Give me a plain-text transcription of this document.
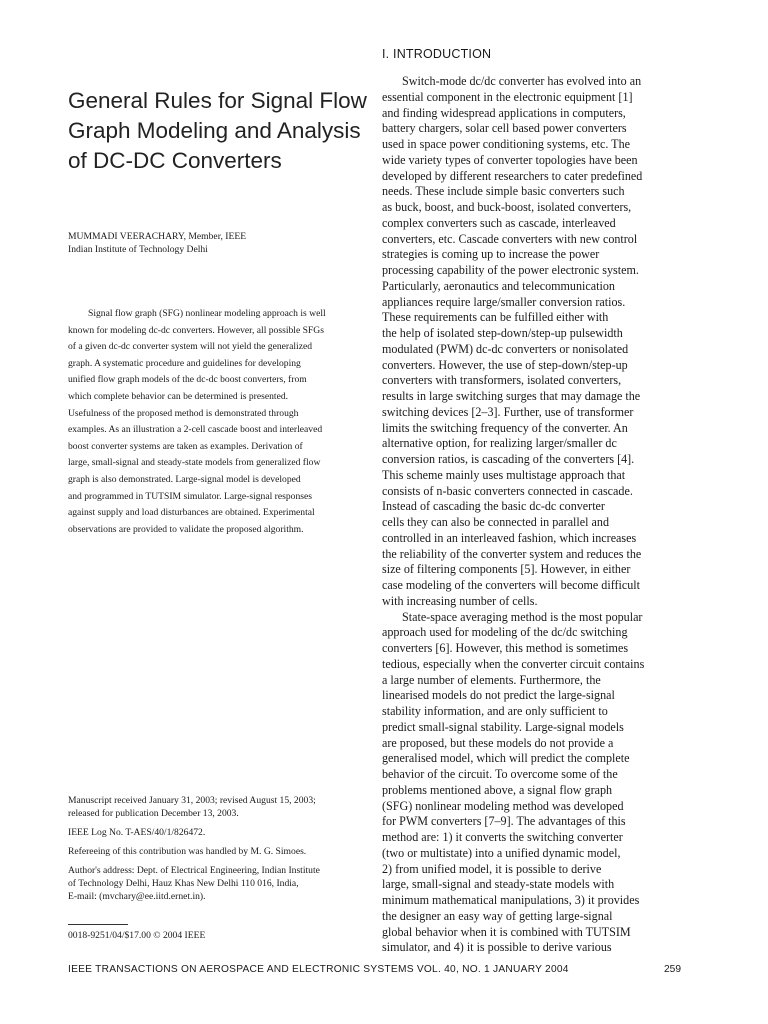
I. INTRODUCTION
General Rules for Signal Flow
Graph Modeling and Analysis
of DC-DC Converters
MUMMADI VEERACHARY, Member, IEEE
Indian Institute of Technology Delhi
Signal flow graph (SFG) nonlinear modeling approach is well
known for modeling dc-dc converters. However, all possible SFGs
of a given dc-dc converter system will not yield the generalized
graph. A systematic procedure and guidelines for developing
unified flow graph models of the dc-dc boost converters, from
which complete behavior can be determined is presented.
Usefulness of the proposed method is demonstrated through
examples. As an illustration a 2-cell cascade boost and interleaved
boost converter systems are taken as examples. Derivation of
large, small-signal and steady-state models from generalized flow
graph is also demonstrated. Large-signal model is developed
and programmed in TUTSIM simulator. Large-signal responses
against supply and load disturbances are obtained. Experimental
observations are provided to validate the proposed algorithm.
Manuscript received January 31, 2003; revised August 15, 2003;
released for publication December 13, 2003.
IEEE Log No. T-AES/40/1/826472.
Refereeing of this contribution was handled by M. G. Simoes.
Author's address: Dept. of Electrical Engineering, Indian Institute
of Technology Delhi, Hauz Khas New Delhi 110 016, India,
E-mail: (mvchary@ee.iitd.ernet.in).
0018-9251/04/$17.00 © 2004 IEEE
Switch-mode dc/dc converter has evolved into an
essential component in the electronic equipment [1]
and finding widespread applications in computers,
battery chargers, solar cell based power converters
used in space power conditioning systems, etc. The
wide variety types of converter topologies have been
developed by different researchers to cater predefined
needs. These include simple basic converters such
as buck, boost, and buck-boost, isolated converters,
complex converters such as cascade, interleaved
converters, etc. Cascade converters with new control
strategies is coming up to increase the power
processing capability of the power electronic system.
Particularly, aeronautics and telecommunication
appliances require large/smaller conversion ratios.
These requirements can be fulfilled either with
the help of isolated step-down/step-up pulsewidth
modulated (PWM) dc-dc converters or nonisolated
converters. However, the use of step-down/step-up
converters with transformers, isolated converters,
results in large switching surges that may damage the
switching devices [2–3]. Further, use of transformer
limits the switching frequency of the converter. An
alternative option, for realizing larger/smaller dc
conversion ratios, is cascading of the converters [4].
This scheme mainly uses multistage approach that
consists of n-basic converters connected in cascade.
Instead of cascading the basic dc-dc converter
cells they can also be connected in parallel and
controlled in an interleaved fashion, which increases
the reliability of the converter system and reduces the
size of filtering components [5]. However, in either
case modeling of the converters will become difficult
with increasing number of cells.
State-space averaging method is the most popular
approach used for modeling of the dc/dc switching
converters [6]. However, this method is sometimes
tedious, especially when the converter circuit contains
a large number of elements. Furthermore, the
linearised models do not predict the large-signal
stability information, and are only sufficient to
predict small-signal stability. Large-signal models
are proposed, but these models do not provide a
generalised model, which will predict the complete
behavior of the circuit. To overcome some of the
problems mentioned above, a signal flow graph
(SFG) nonlinear modeling method was developed
for PWM converters [7–9]. The advantages of this
method are: 1) it converts the switching converter
(two or multistate) into a unified dynamic model,
2) from unified model, it is possible to derive
large, small-signal and steady-state models with
minimum mathematical manipulations, 3) it provides
the designer an easy way of getting large-signal
global behavior when it is combined with TUTSIM
simulator, and 4) it is possible to derive various
IEEE TRANSACTIONS ON AEROSPACE AND ELECTRONIC SYSTEMS VOL. 40, NO. 1 JANUARY 2004	259
